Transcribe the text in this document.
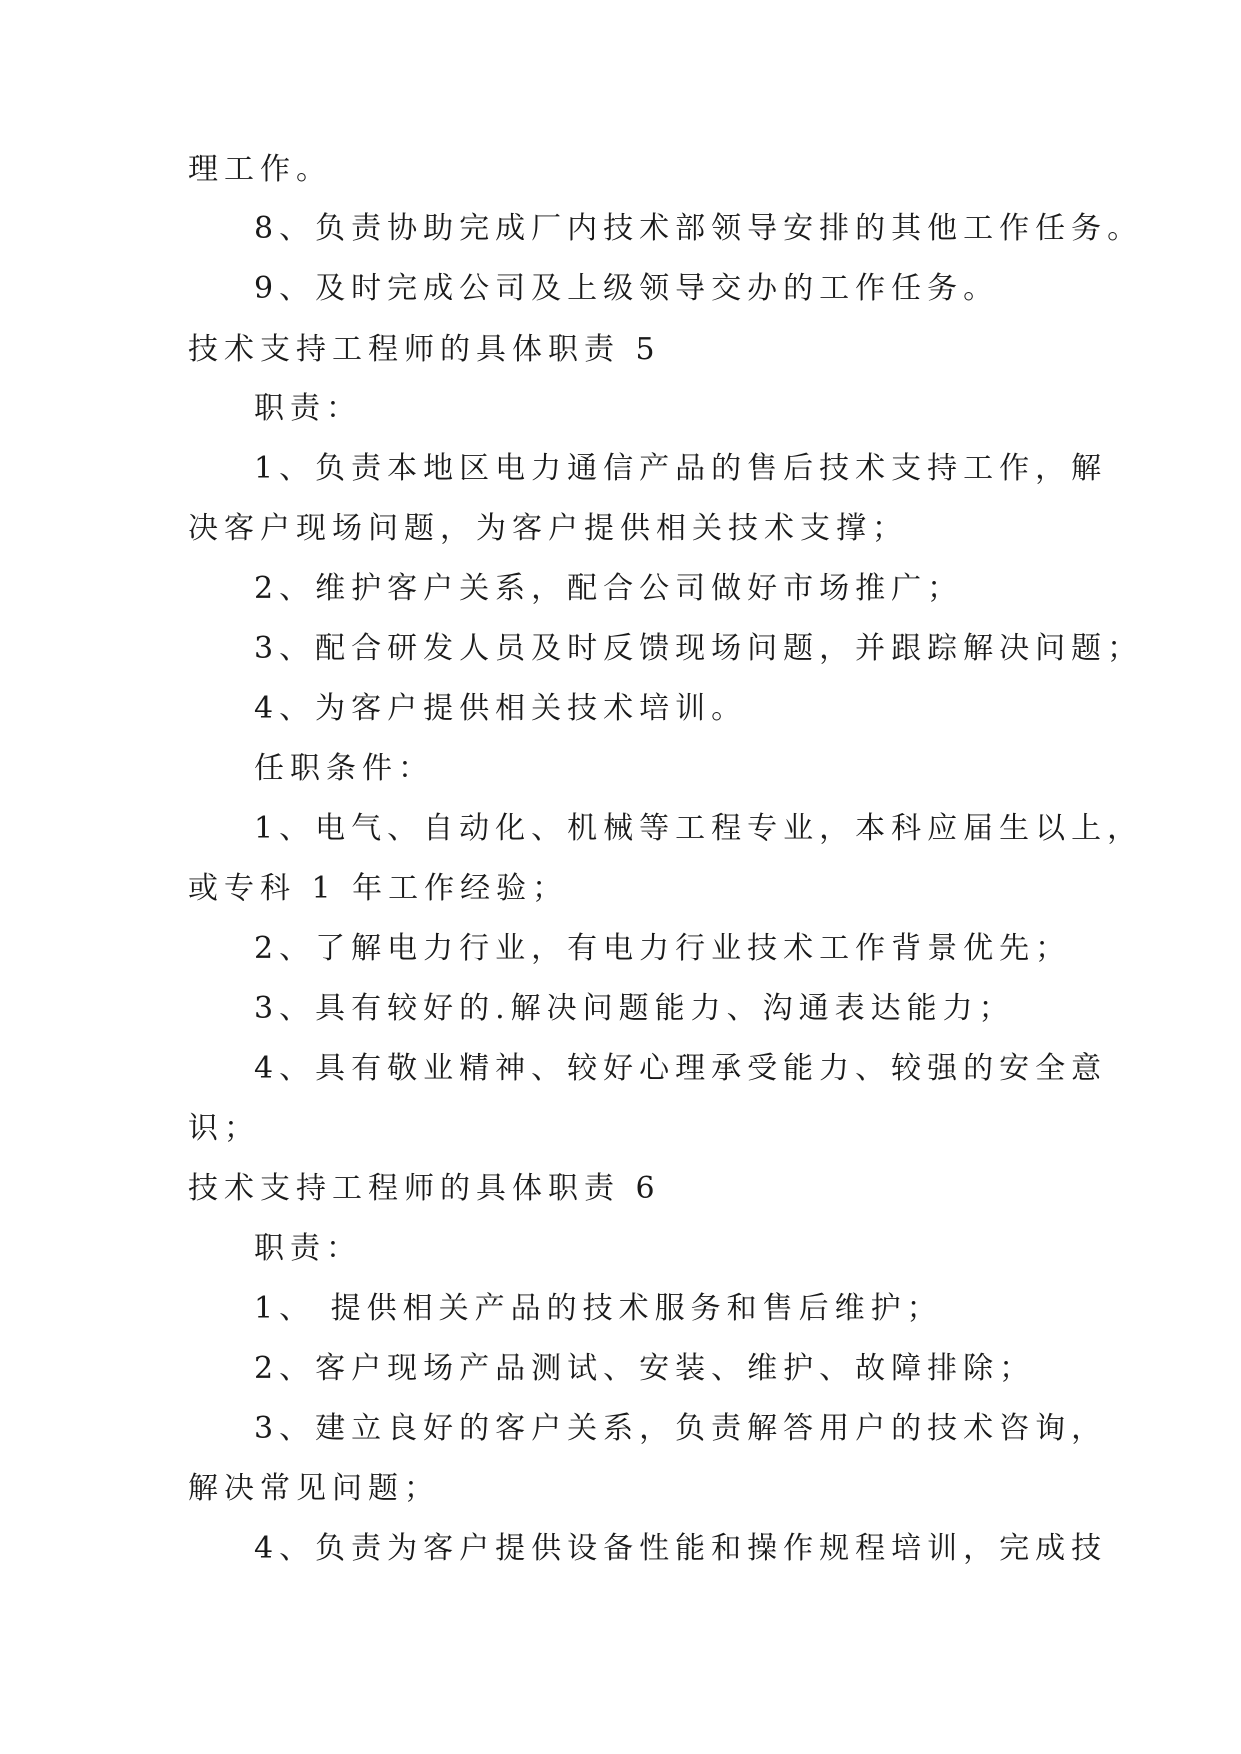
理工作。
8、负责协助完成厂内技术部领导安排的其他工作任务。
9、及时完成公司及上级领导交办的工作任务。
技术支持工程师的具体职责 5
职责：
1、负责本地区电力通信产品的售后技术支持工作，解
决客户现场问题，为客户提供相关技术支撑；
2、维护客户关系，配合公司做好市场推广；
3、配合研发人员及时反馈现场问题，并跟踪解决问题；
4、为客户提供相关技术培训。
任职条件：
1、电气、自动化、机械等工程专业，本科应届生以上，
或专科 1 年工作经验；
2、了解电力行业，有电力行业技术工作背景优先；
3、具有较好的.解决问题能力、沟通表达能力；
4、具有敬业精神、较好心理承受能力、较强的安全意
识；
技术支持工程师的具体职责 6
职责：
1、 提供相关产品的技术服务和售后维护；
2、客户现场产品测试、安装、维护、故障排除；
3、建立良好的客户关系，负责解答用户的技术咨询，
解决常见问题；
4、负责为客户提供设备性能和操作规程培训，完成技
